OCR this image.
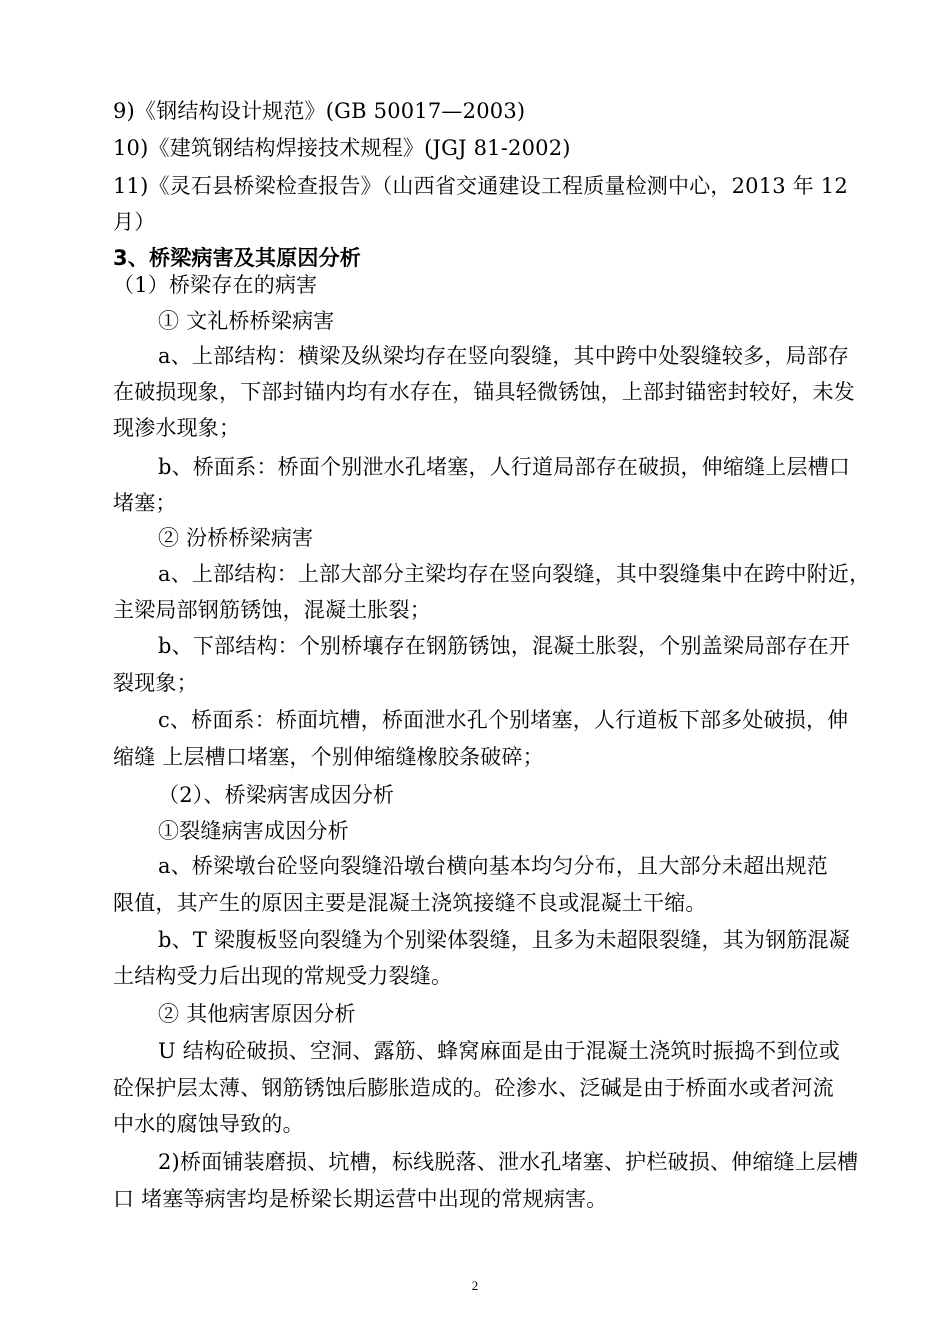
9)《钢结构设计规范》(GB 50017—2003)
10)《建筑钢结构焊接技术规程》(JGJ 81-2002)
11)《灵石县桥梁检查报告》（山西省交通建设工程质量检测中心，2013 年 12
月）
3、桥梁病害及其原因分析
（1）桥梁存在的病害
① 文礼桥桥梁病害
a、上部结构：横梁及纵梁均存在竖向裂缝，其中跨中处裂缝较多，局部存
在破损现象，下部封锚内均有水存在，锚具轻微锈蚀，上部封锚密封较好，未发
现渗水现象；
b、桥面系：桥面个别泄水孔堵塞，人行道局部存在破损，伸缩缝上层槽口
堵塞；
② 汾桥桥梁病害
a、上部结构：上部大部分主梁均存在竖向裂缝，其中裂缝集中在跨中附近，
主梁局部钢筋锈蚀，混凝土胀裂；
b、下部结构：个别桥壤存在钢筋锈蚀，混凝土胀裂，个别盖梁局部存在开
裂现象；
c、桥面系：桥面坑槽，桥面泄水孔个别堵塞，人行道板下部多处破损，伸
缩缝 上层槽口堵塞，个别伸缩缝橡胶条破碎；
（2）、桥梁病害成因分析
①裂缝病害成因分析
a、桥梁墩台砼竖向裂缝沿墩台横向基本均匀分布，且大部分未超出规范
限值，其产生的原因主要是混凝土浇筑接缝不良或混凝土干缩。
b、T 梁腹板竖向裂缝为个别梁体裂缝，且多为未超限裂缝，其为钢筋混凝
土结构受力后出现的常规受力裂缝。
② 其他病害原因分析
U 结构砼破损、空洞、露筋、蜂窝麻面是由于混凝土浇筑时振捣不到位或
砼保护层太薄、钢筋锈蚀后膨胀造成的。砼渗水、泛碱是由于桥面水或者河流
中水的腐蚀导致的。
2)桥面铺装磨损、坑槽，标线脱落、泄水孔堵塞、护栏破损、伸缩缝上层槽
口 堵塞等病害均是桥梁长期运营中出现的常规病害。
2
